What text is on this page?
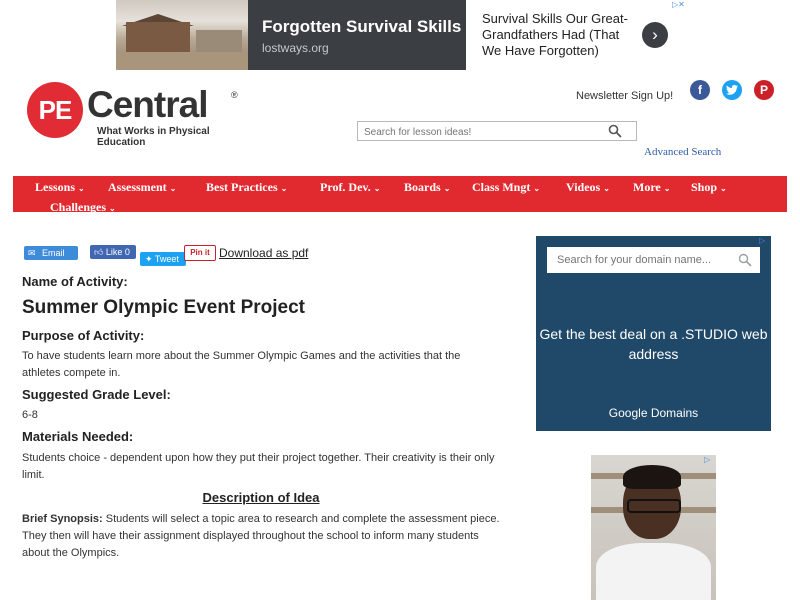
Forgotten Survival Skills
lostways.org
Survival Skills Our Great-Grandfathers Had (That We Have Forgotten)
›
▷✕
PE Central	®
What Works in Physical Education
Newsletter Sign Up!	f	P
Search for lesson ideas!
Advanced Search
Lessons ⌄ Assessment ⌄ Best Practices ⌄	Prof. Dev. ⌄ Boards ⌄ Class Mngt ⌄ Videos ⌄ More ⌄ Shop ⌄
Challenges ⌄
✉ Email	👍︎ Like 0
✦ Tweet
Pin it Download as pdf
Name of Activity:
Summer Olympic Event Project
Purpose of Activity:
To have students learn more about the Summer Olympic Games and the activities that the athletes compete in.
Suggested Grade Level:
6-8
Materials Needed:
Students choice - dependent upon how they put their project together. Their creativity is their only limit.
Description of Idea
Brief Synopsis: Students will select a topic area to research and complete the assessment piece. They then will have their assignment displayed throughout the school to inform many students about the Olympics.
▷
Search for your domain name...
Get the best deal on a .STUDIO web address
Google Domains
▷
